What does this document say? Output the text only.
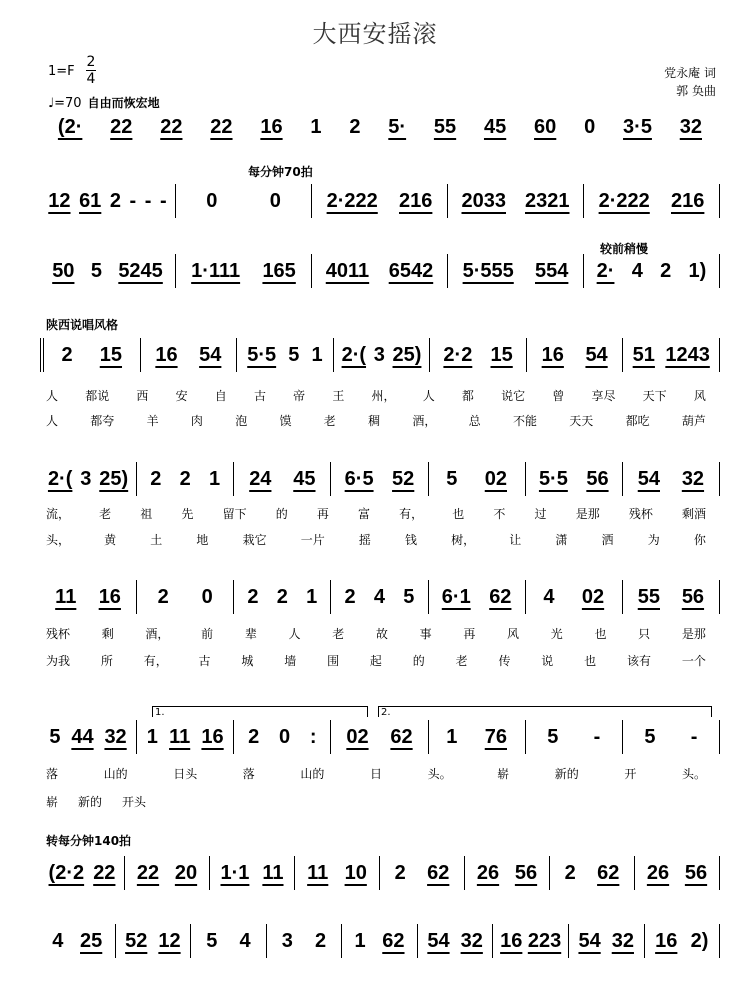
大西安摇滚
1=F
2
4
♩=70 自由而恢宏地
党永庵 词
郭 奂曲
每分钟70拍
较前稍慢
陕西说唱风格
转每分钟140拍
1.	2.
(2· 22 22 22 16 1 2 5· 55 45 60 0 3·5 32
12 61 2 - - - 0	0 2·222 216 2033 2321 2·222 216
50 5 5245 1·111 165 4011 6542 5·555 554 2· 4 2 1)
2 15 16 54 5·5 5 1 2·( 3 25) 2·2 15 16 54 51 1243
2·( 3 25) 2 2 1 24 45 6·5 52 5 02 5·5 56 54 32
11 16 2 0 2 2 1 2 4 5 6·1 62 4 02 55 56
5 44 32 1 11 16 2 0 : 02 62 1 76 5 - 5 -
(2·2 22 22 20 1·1 11 11 10 2 62 26 56 2 62 26 56
4 25 52 12 5 4 3 2 1 62 54 32 16 223 54 32 16 2)
人 都说 西 安 自 古 帝 王 州， 人 都 说它 曾 享尽 天下 风
人	都夸	羊	肉	泡	馍	老	稠	酒，	总	不能	天天	都吃	葫芦
流， 老 祖 先 留下 的 再 富 有， 也 不 过 是那 残杯 剩酒
头，	黄	土	地	栽它	一片	摇	钱	树，	让	潇	洒	为	你
残杯	剩	酒，	前	辈	人	老	故	事	再	风	光	也	只	是那
为我	所	有，	古	城	墙	围	起	的	老	传	说	也	该有	一个
落	山的	日头	落	山的	日	头。	崭	新的	开	头。
崭 新的 开头
